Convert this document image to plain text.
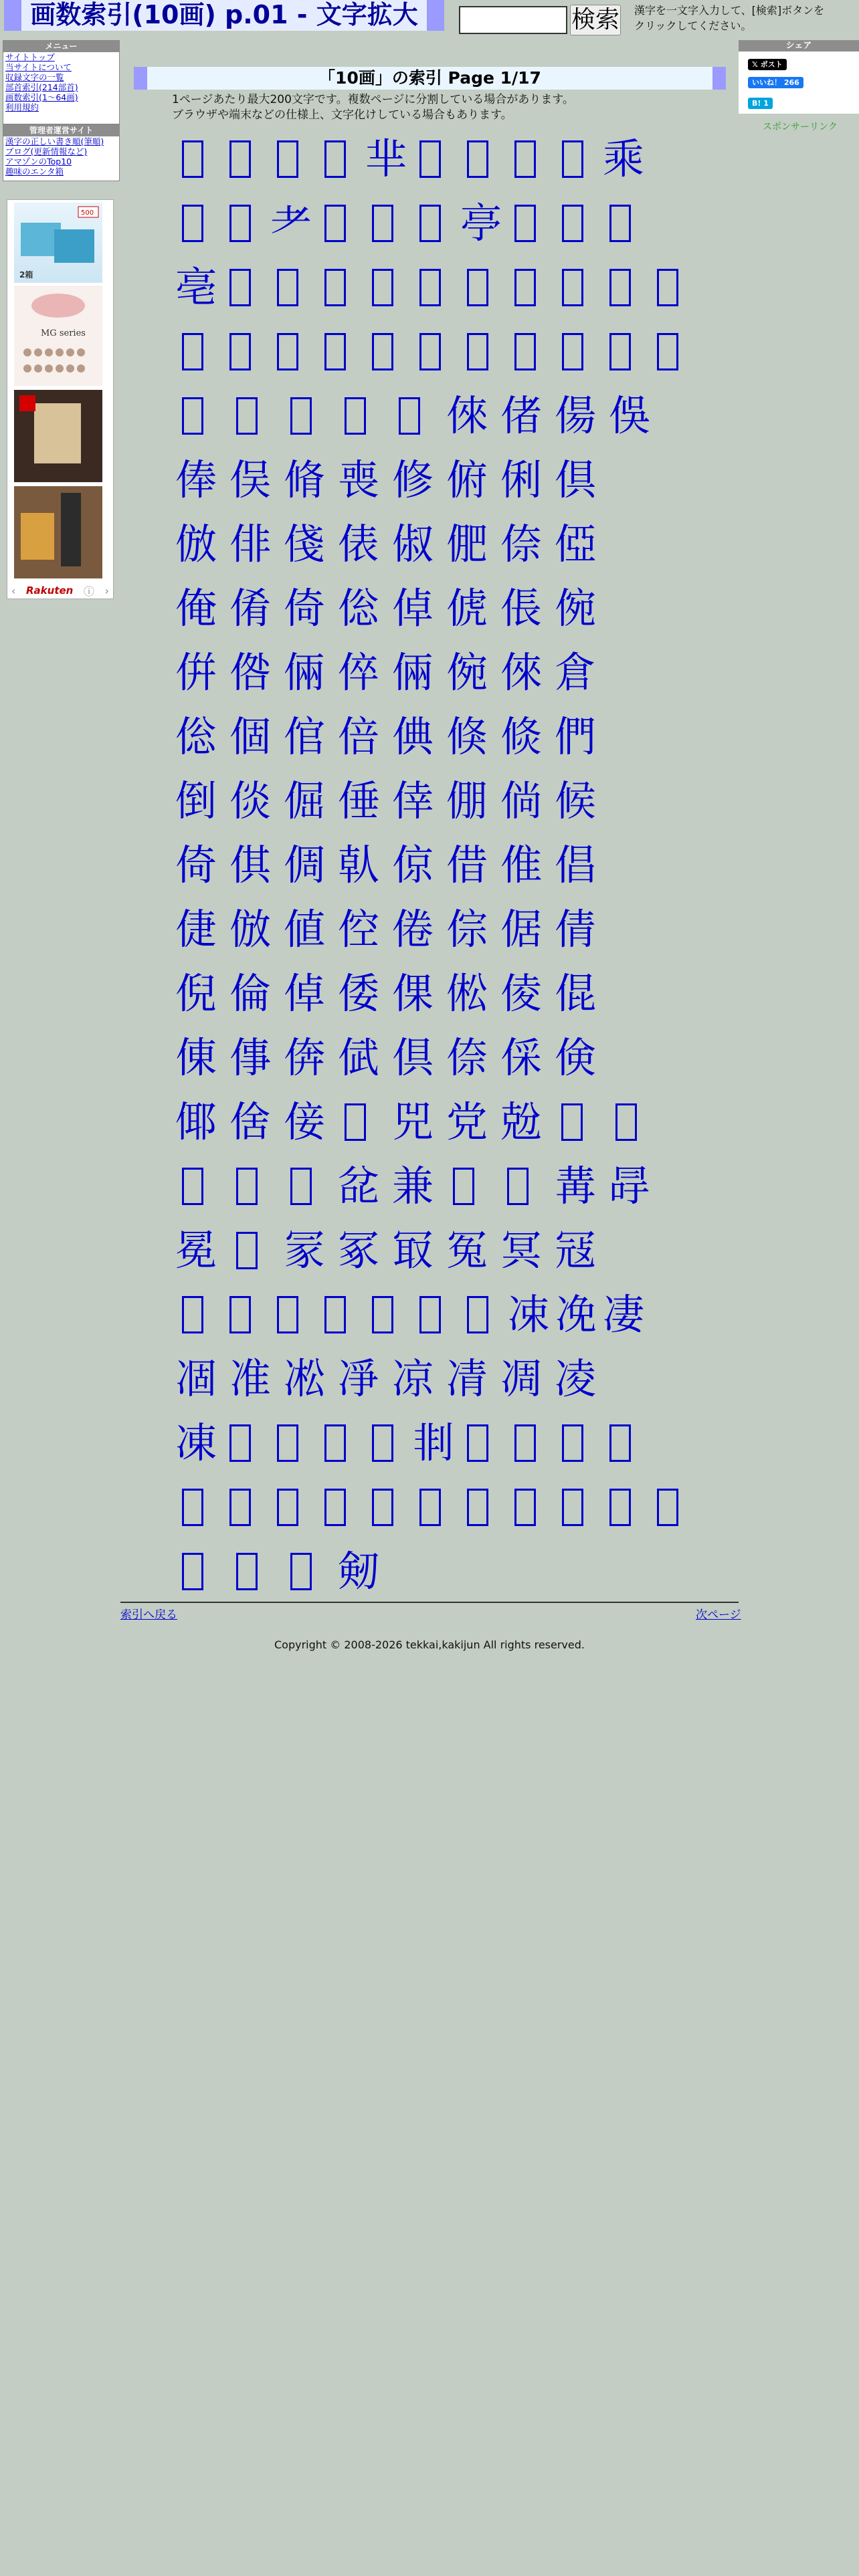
画数索引(10画) p.01 - 文字拡大	検索 漢字を一文字入力して、[検索]ボタンをクリックしてください。
メニュー
サイトトップ
当サイトについて
収録文字の一覧
部首索引(214部首)
画数索引(1～64画)
利用規約
管理者運営サイト
漢字の正しい書き順(筆順)
ブログ(更新情報など)
アマゾンのTop10
趣味のエンタ箱
500
2箱
MG series
‹ Rakuten ⓘ ›
シェア
𝕏 ポスト
いいね！ 266
B! 1
スポンサーリンク
「10画」の索引 Page 1/17
1ページあたり最大200文字です。複数ページに分割している場合があります。
ブラウザや端末などの仕様上、文字化けしている場合もあります。
芈	乘
耂	亭
亳
倈 偖 偒 俁
俸 俣 脩 喪 修 俯 俐 倶
倣 俳 俴 俵 俶 俷 倷 俹
俺 倄 倚 倊 倬 俿 倀 倇
倂 倃 倆 倅 倆 倇 倈 倉
倊 個 倌 倍 倎 倏 倐 們
倒 倓 倔 倕 倖 倗 倘 候
倚 倛 倜 倝 倞 借 倠 倡
倢 倣 値 倥 倦 倧 倨 倩
倪 倫 倬 倭 倮 倯 倰 倱
倲 倳 倴 倵 倶 倷 倸 倹
倻 倽 倿 兕 党 兝
兺 兼	冓 冔
冕 冡 冢 冣 冤 冥 冦
凁 凂 凄
凅 准 凇 凈 凉 凊 凋 凌
凍	剕
剱
索引へ戻る	次ページ
Copyright © 2008-2026 tekkai,kakijun All rights reserved.
